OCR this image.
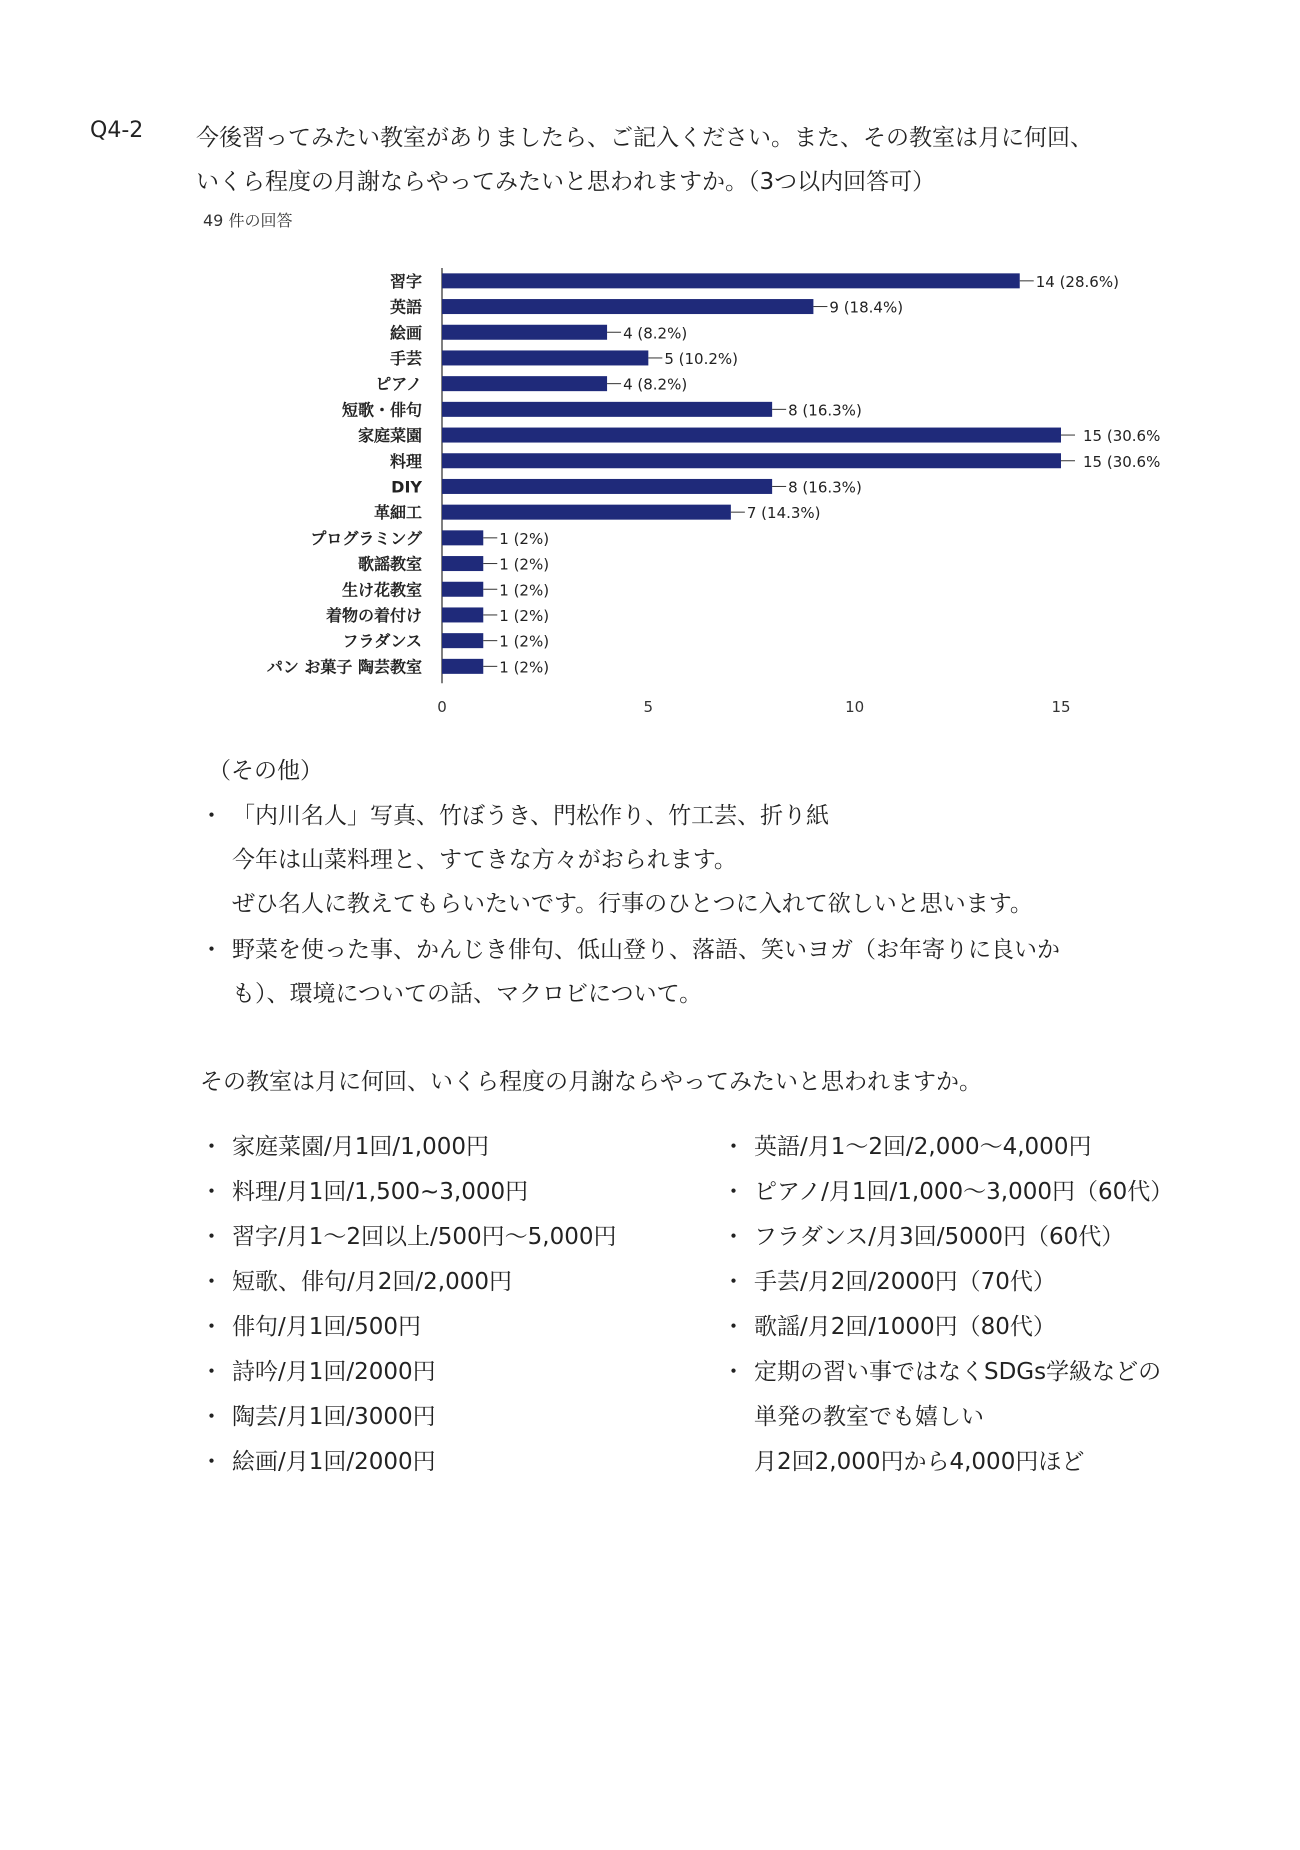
Q4-2 今後習ってみたい教室がありましたら、ご記入ください。また、その教室は月に何回、
いくら程度の月謝ならやってみたいと思われますか。（3つ以内回答可）
49 件の回答
習字	14 (28.6%)
英語	9 (18.4%)
絵画	4 (8.2%)
手芸	5 (10.2%)
ピアノ	4 (8.2%)
短歌・俳句	8 (16.3%)
家庭菜園	15 (30.6%
料理	15 (30.6%
DIY	8 (16.3%)
革細工	7 (14.3%)
プログラミング	1 (2%)
歌謡教室	1 (2%)
生け花教室	1 (2%)
着物の着付け	1 (2%)
フラダンス	1 (2%)
パン お菓子 陶芸教室	1 (2%)
0	5	10	15
（その他）
・ 「内川名人」写真、竹ぼうき、門松作り、竹工芸、折り紙
今年は山菜料理と、すてきな方々がおられます。
ぜひ名人に教えてもらいたいです。行事のひとつに入れて欲しいと思います。
・ 野菜を使った事、かんじき俳句、低山登り、落語、笑いヨガ（お年寄りに良いか
も）、環境についての話、マクロビについて。
その教室は月に何回、いくら程度の月謝ならやってみたいと思われますか。
・ 家庭菜園/月1回/1,000円
・ 料理/月1回/1,500~3,000円
・ 習字/月1～2回以上/500円～5,000円
・ 短歌、俳句/月2回/2,000円
・ 俳句/月1回/500円
・ 詩吟/月1回/2000円
・ 陶芸/月1回/3000円
・ 絵画/月1回/2000円
・ 英語/月1～2回/2,000～4,000円
・ ピアノ/月1回/1,000～3,000円（60代）
・ フラダンス/月3回/5000円（60代）
・ 手芸/月2回/2000円（70代）
・ 歌謡/月2回/1000円（80代）
・ 定期の習い事ではなくSDGs学級などの
単発の教室でも嬉しい
月2回2,000円から4,000円ほど
